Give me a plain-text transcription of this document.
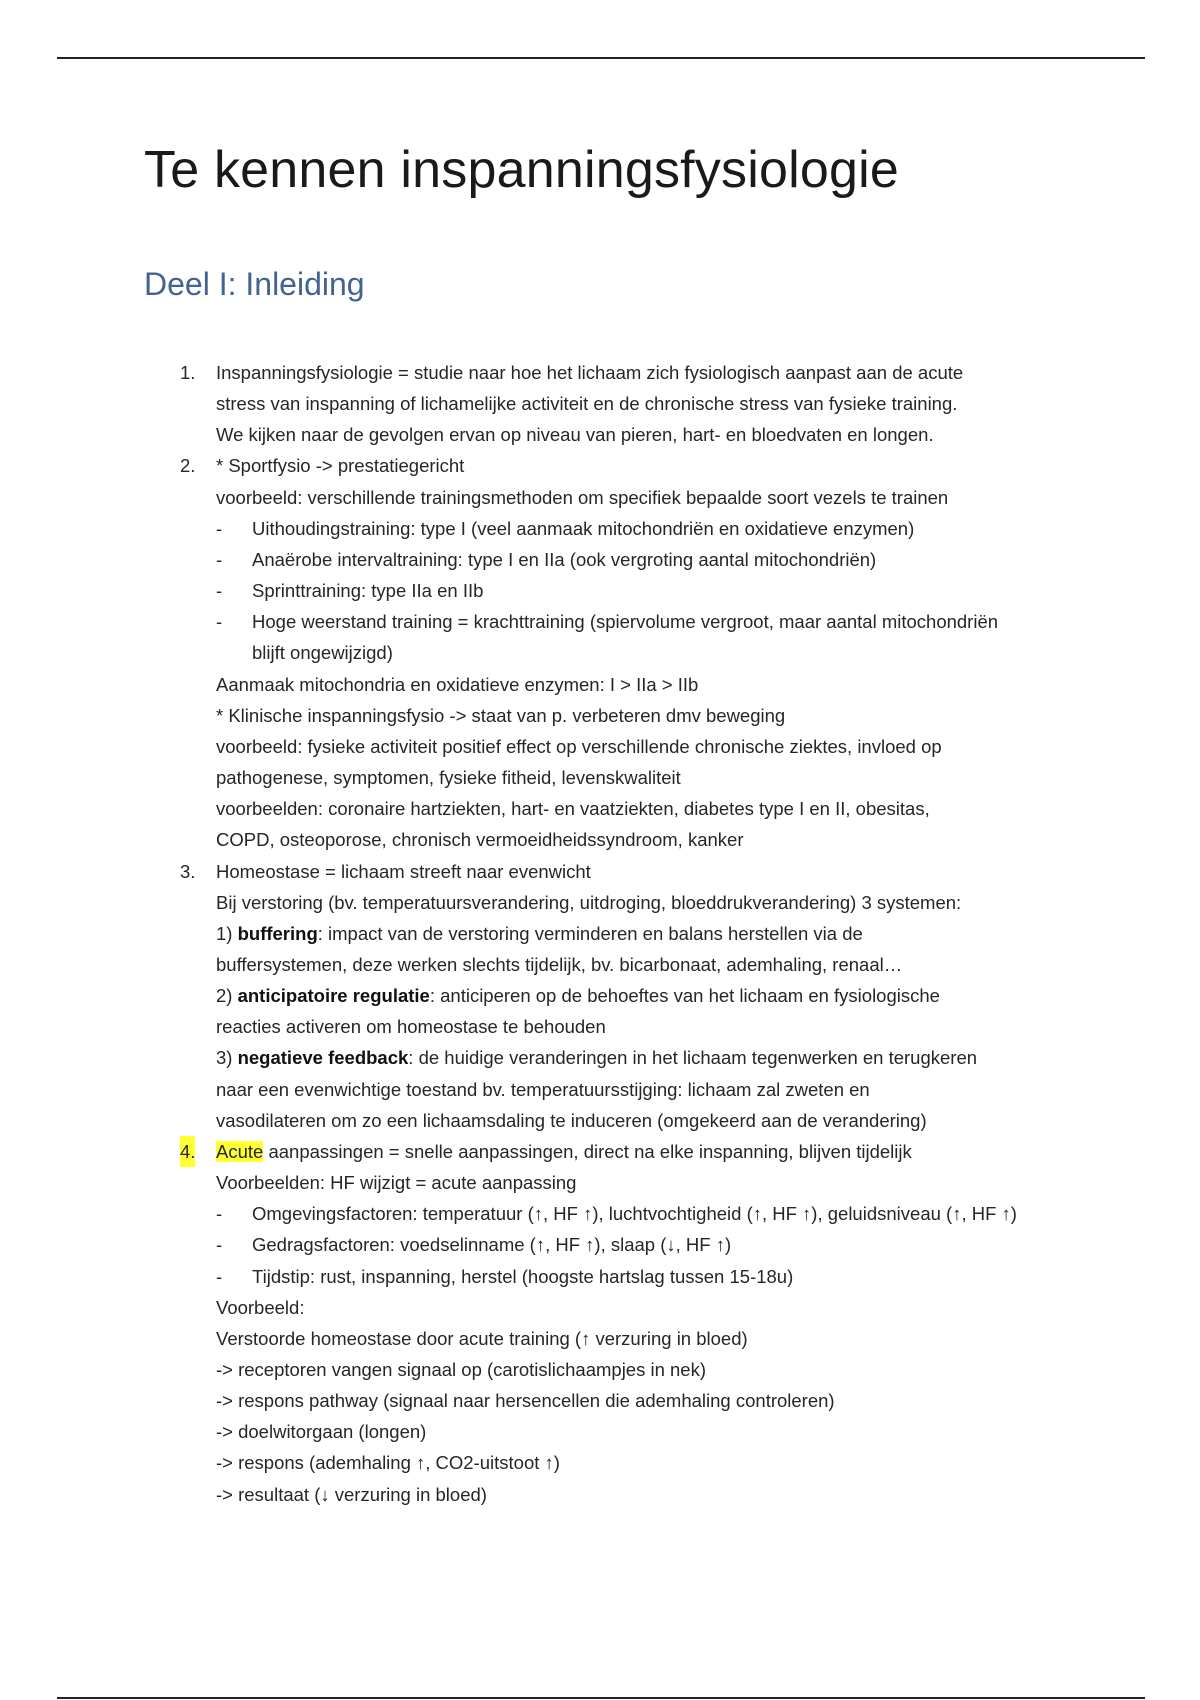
Te kennen inspanningsfysiologie
Deel I: Inleiding
1. Inspanningsfysiologie = studie naar hoe het lichaam zich fysiologisch aanpast aan de acute
stress van inspanning of lichamelijke activiteit en de chronische stress van fysieke training.
We kijken naar de gevolgen ervan op niveau van pieren, hart- en bloedvaten en longen.
2. * Sportfysio -> prestatiegericht
voorbeeld: verschillende trainingsmethoden om specifiek bepaalde soort vezels te trainen
- Uithoudingstraining: type I (veel aanmaak mitochondriën en oxidatieve enzymen)
- Anaërobe intervaltraining: type I en IIa (ook vergroting aantal mitochondriën)
- Sprinttraining: type IIa en IIb
- Hoge weerstand training = krachttraining (spiervolume vergroot, maar aantal mitochondriën blijft ongewijzigd)
Aanmaak mitochondria en oxidatieve enzymen: I > IIa > IIb
* Klinische inspanningsfysio -> staat van p. verbeteren dmv beweging
voorbeeld: fysieke activiteit positief effect op verschillende chronische ziektes, invloed op
pathogenese, symptomen, fysieke fitheid, levenskwaliteit
voorbeelden: coronaire hartziekten, hart- en vaatziekten, diabetes type I en II, obesitas,
COPD, osteoporose, chronisch vermoeidheidssyndroom, kanker
3. Homeostase = lichaam streeft naar evenwicht
Bij verstoring (bv. temperatuursverandering, uitdroging, bloeddrukverandering) 3 systemen:
1) buffering: impact van de verstoring verminderen en balans herstellen via de
buffersystemen, deze werken slechts tijdelijk, bv. bicarbonaat, ademhaling, renaal…
2) anticipatoire regulatie: anticiperen op de behoeftes van het lichaam en fysiologische
reacties activeren om homeostase te behouden
3) negatieve feedback: de huidige veranderingen in het lichaam tegenwerken en terugkeren
naar een evenwichtige toestand bv. temperatuursstijging: lichaam zal zweten en
vasodilateren om zo een lichaamsdaling te induceren (omgekeerd aan de verandering)
4. Acute aanpassingen = snelle aanpassingen, direct na elke inspanning, blijven tijdelijk
Voorbeelden: HF wijzigt = acute aanpassing
- Omgevingsfactoren: temperatuur (↑, HF ↑), luchtvochtigheid (↑, HF ↑), geluidsniveau (↑, HF ↑)
- Gedragsfactoren: voedselinname (↑, HF ↑), slaap (↓, HF ↑)
- Tijdstip: rust, inspanning, herstel (hoogste hartslag tussen 15-18u)
Voorbeeld:
Verstoorde homeostase door acute training (↑ verzuring in bloed)
-> receptoren vangen signaal op (carotislichaampjes in nek)
-> respons pathway (signaal naar hersencellen die ademhaling controleren)
-> doelwitorgaan (longen)
-> respons (ademhaling ↑, CO2-uitstoot ↑)
-> resultaat (↓ verzuring in bloed)
